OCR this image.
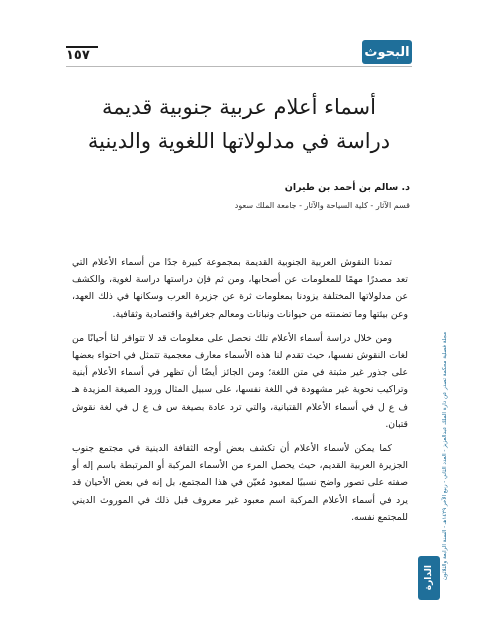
١٥٧	البحوث
أسماء أعلام عربية جنوبية قديمة
دراسة في مدلولاتها اللغوية والدينية
د. سالم بن أحمد بن طيران
قسم الآثار - كلية السياحة والآثار - جامعة الملك سعود

تمدنا النقوش العربية الجنوبية القديمة بمجموعة كبيرة جدًا من أسماء الأعلام التي تعد مصدرًا مهمًا للمعلومات عن أصحابها، ومن ثم فإن دراستها دراسة لغوية، والكشف عن مدلولاتها المختلفة يزودنا بمعلومات ثرة عن جزيرة العرب وسكانها في ذلك العهد، وعن بيئتها وما تضمنته من حيوانات ونباتات ومعالم جغرافية واقتصادية وثقافية.

ومن خلال دراسة أسماء الأعلام تلك نحصل على معلومات قد لا تتوافر لنا أحيانًا من لغات النقوش نفسها، حيث تقدم لنا هذه الأسماء معارف معجمية تتمثل في احتواء بعضها على جذور غير مثبتة في متن اللغة؛ ومن الجائز أيضًا أن تظهر في أسماء الأعلام أبنية وتراكيب نحوية غير مشهودة في اللغة نفسها، على سبيل المثال ورود الصيغة المزيدة هـ ف ع ل في أسماء الأعلام القتبانية، والتي ترد عادة بصيغة س ف ع ل في لغة نقوش قتبان.

كما يمكن لأسماء الأعلام أن تكشف بعض أوجه الثقافة الدينية في مجتمع جنوب الجزيرة العربية القديم، حيث يحصل المرء من الأسماء المركبة أو المرتبطة باسم إله أو صفته على تصور واضح نسبيًا لمعبود مُعيّن في هذا المجتمع، بل إنه في بعض الأحيان قد يرد في أسماء الأعلام المركبة اسم معبود غير معروف قبل ذلك في الموروث الديني للمجتمع نفسه.

مجلة فصلية محكمة تصدر عن دارة الملك عبدالعزيز - العدد الثاني - ربيع الآخر ١٤٢٩هـ - السنة الرابعة والثلاثون
الدارة
